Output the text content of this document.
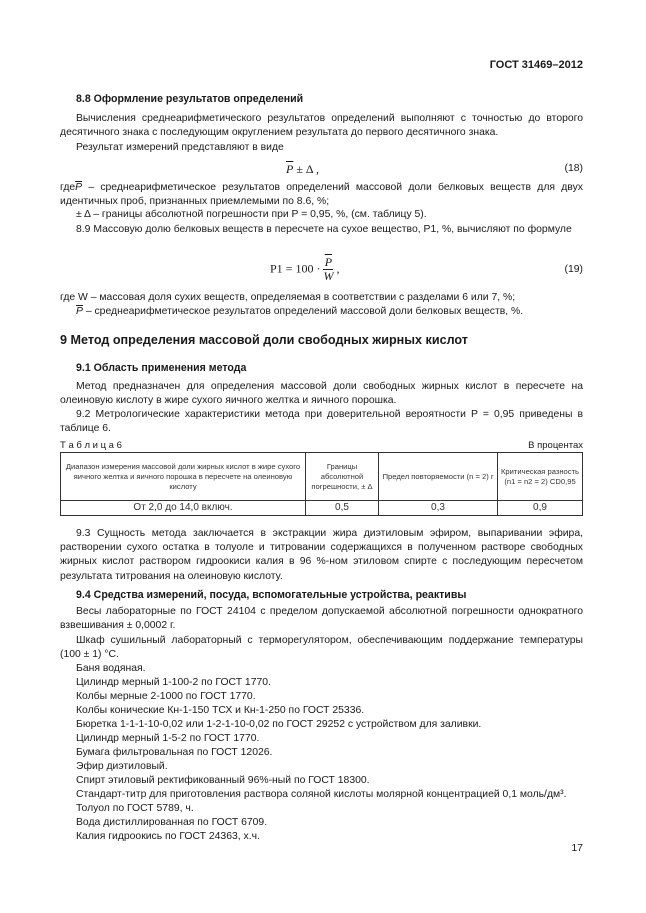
ГОСТ 31469–2012
8.8 Оформление результатов определений
Вычисления среднеарифметического результатов определений выполняют с точностью до второго десятичного знака с последующим округлением результата до первого десятичного знака.
Результат измерений представляют в виде
$\overline{P} \pm \Delta$ ,	(18)
$где\overline{P}$ – среднеарифметическое результатов определений массовой доли белковых веществ для двух идентичных проб, признанных приемлемыми по 8.6, %;
± Δ – границы абсолютной погрешности при P = 0,95, %, (см. таблицу 5).
8.9 Массовую долю белковых веществ в пересчете на сухое вещество, P1, %, вычисляют по формуле
$P1 = 100 \cdot \frac{\overline{P}}{W}$ ,	(19)
где W – массовая доля сухих веществ, определяемая в соответствии с разделами 6 или 7, %;
$\overline{P}$ – среднеарифметическое результатов определений массовой доли белковых веществ, %.
9 Метод определения массовой доли свободных жирных кислот
9.1 Область применения метода
Метод предназначен для определения массовой доли свободных жирных кислот в пересчете на олеиновую кислоту в жире сухого яичного желтка и яичного порошка.
9.2 Метрологические характеристики метода при доверительной вероятности P = 0,95 приведены в таблице 6.
Т а б л и ц а 6	В процентах
Диапазон измерения массовой доли жирных кислот в жире сухого яичного желтка и яичного порошка в пересчете на олеиновую кислоту	Границы абсолютной погрешности, ± Δ	Предел повторяемости (n = 2) r	Критическая разность (n1 = n2 = 2) CD0,95
От 2,0 до 14,0 включ.	0,5	0,3	0,9
9.3 Сущность метода заключается в экстракции жира диэтиловым эфиром, выпаривании эфира, растворении сухого остатка в толуоле и титровании содержащихся в полученном растворе свободных жирных кислот раствором гидроокиси калия в 96 %-ном этиловом спирте с последующим пересчетом результата титрования на олеиновую кислоту.
9.4 Средства измерений, посуда, вспомогательные устройства, реактивы
Весы лабораторные по ГОСТ 24104 с пределом допускаемой абсолютной погрешности однократного взвешивания ± 0,0002 г.
Шкаф сушильный лабораторный с терморегулятором, обеспечивающим поддержание температуры (100 ± 1) °С.
Баня водяная.
Цилиндр мерный 1-100-2 по ГОСТ 1770.
Колбы мерные 2-1000 по ГОСТ 1770.
Колбы конические Кн-1-150 ТСХ и Кн-1-250 по ГОСТ 25336.
Бюретка 1-1-1-10-0,02 или 1-2-1-10-0,02 по ГОСТ 29252 с устройством для заливки.
Цилиндр мерный 1-5-2 по ГОСТ 1770.
Бумага фильтровальная по ГОСТ 12026.
Эфир диэтиловый.
Спирт этиловый ректификованный 96%-ный по ГОСТ 18300.
Стандарт-титр для приготовления раствора соляной кислоты молярной концентрацией 0,1 моль/дм³.
Толуол по ГОСТ 5789, ч.
Вода дистиллированная по ГОСТ 6709.
Калия гидроокись по ГОСТ 24363, х.ч.
17
